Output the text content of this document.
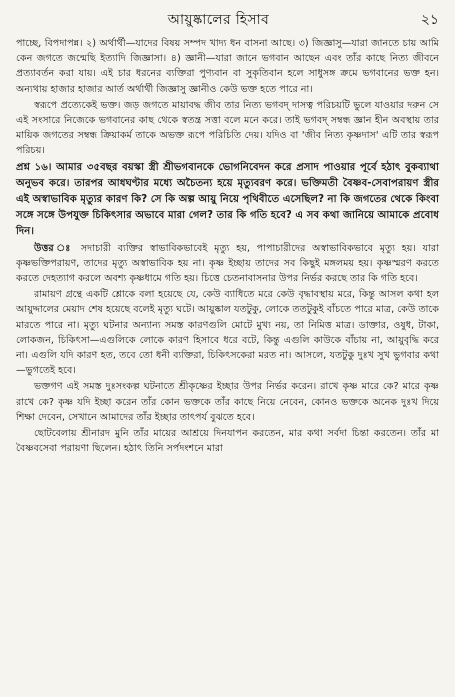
আয়ুষ্কালের হিসাব	২১

পাচ্ছে, বিপদাপন্ন। ২) অর্থার্থী—যাদের বিষয় সম্পদ খাদ্য ধন বাসনা আছে। ৩) জিজ্ঞাসু—যারা জানতে চায় আমি কেন জগতে জন্মেছি ইত্যাদি জিজ্ঞাসা। ৪) জ্ঞানী—যারা জানে ভগবান আছেন এবং তাঁর কাছে নিত্য জীবনে প্রত্যাবর্তন করা যায়। এই চার ধরনের ব্যক্তিরা পুণ্যবান বা সুকৃতিবান হলে সাধুসঙ্গ ক্রমে ভগবানের ভক্ত হন। অন্যথায় হাজার হাজার আর্ত অর্থার্থী জিজ্ঞাসু জ্ঞানীও কেউ ভক্ত হতে পারে না।

স্বরূপে প্রত্যেকেই ভক্ত। জড় জগতে মায়াবদ্ধ জীব তার নিত্য ভগবদ্ দাসত্ব পরিচয়টি ভুলে যাওয়ার দরুন সে এই সংসারে নিজেকে ভগবানের কাছ থেকে স্বতন্ত্র সত্তা বলে মনে করে। তাই ভগবদ্ সম্বন্ধ জ্ঞান হীন অবস্থায় তার মায়িক জগতের সম্বন্ধ ক্রিয়াকর্ম তাকে অভক্ত রূপে পরিচিতি দেয়। যদিও বা 'জীব নিত্য কৃষ্ণদাস' এটি তার স্বরূপ পরিচয়।

প্রশ্ন ১৬। আমার ৩৫বছর বয়স্কা স্ত্রী শ্রীভগবানকে ভোগনিবেদন করে প্রসাদ পাওয়ার পূর্বে হঠাৎ বুকব্যাথা অনুভব করে। তারপর আধঘণ্টার মধ্যে অচৈতন্য হয়ে মৃত্যুবরণ করে। ভক্তিমতী বৈষ্ণব-সেবাপরায়ণ স্ত্রীর এই অস্বাভাবিক মৃত্যুর কারণ কি? সে কি অল্প আয়ু নিয়ে পৃথিবীতে এসেছিল? না কি জগতের থেকে কিংবা সঙ্গে সঙ্গে উপযুক্ত চিকিৎসার অভাবে মারা গেল? তার কি গতি হবে? এ সব কথা জানিয়ে আমাকে প্রবোধ দিন।

উত্তর ঃ সদাচারী ব্যক্তির স্বাভাবিকভাবেই মৃত্যু হয়, পাপাচারীদের অস্বাভাবিকভাবে মৃত্যু হয়। যারা কৃষ্ণভক্তিপরায়ণ, তাদের মৃত্যু অস্বাভাবিক হয় না। কৃষ্ণ ইচ্ছায় তাদের সব কিছুই মঙ্গলময় হয়। কৃষ্ণস্মরণ করতে করতে দেহত্যাগ করলে অবশ্য কৃষ্ণধামে গতি হয়। চিত্তে চেতনাবাসনার উপর নির্ভর করছে তার কি গতি হবে।

রামায়ণ গ্রন্থে একটি শ্লোকে বলা হয়েছে যে, কেউ ব্যাধিতে মরে কেউ বৃদ্ধাবস্থায় মরে, কিন্তু আসল কথা হল আয়ুদ্দালের মেয়াদ শেষ হয়েছে বলেই মৃত্যু ঘটে। আয়ুষ্কাল যতটুকু, লোকে ততটুকুই বাঁচতে পারে মাত্র, কেউ তাকে মারতে পারে না। মৃত্যু ঘটনার অন্যান্য সমস্ত কারণগুলি মোটে মুখ্য নয়, তা নিমিত্ত মাত্র। ডাক্তার, ওষুধ, টাকা, লোকজন, চিকিৎসা—এগুলিকে লোকে কারণ হিসাবে ধরে বটে, কিন্তু এগুলি কাউকে বাঁচায় না, আয়ুবৃদ্ধি করে না। এগুলি যদি কারণ হত, তবে তো ধনী ব্যক্তিরা, চিকিৎসকেরা মরত না। আসলে, যতটুকু দুঃখ সুখ ভুগবার কথা—ভুগতেই হবে।

ভক্তগণ এই সমস্ত দুঃসংকল্প ঘটনাতে শ্রীকৃষ্ণের ইচ্ছার উপর নির্ভর করেন। রাখে কৃষ্ণ মারে কে? মারে কৃষ্ণ রাখে কে? কৃষ্ণ যদি ইচ্ছা করেন তাঁর কোন ভক্তকে তাঁর কাছে নিয়ে নেবেন, কোনও ভক্তকে অনেক দুঃখ দিয়ে শিক্ষা দেবেন, সেখানে আমাদের তাঁর ইচ্ছার তাৎপর্য বুঝতে হবে।

ছোটবেলায় শ্রীনারদ মুনি তাঁর মায়ের আশ্রয়ে দিনযাপন করতেন, মার কথা সর্বদা চিন্তা করতেন। তাঁর মা বৈষ্ণবসেবা পরায়ণা ছিলেন। হঠাৎ তিনি সর্পদংশনে মারা
